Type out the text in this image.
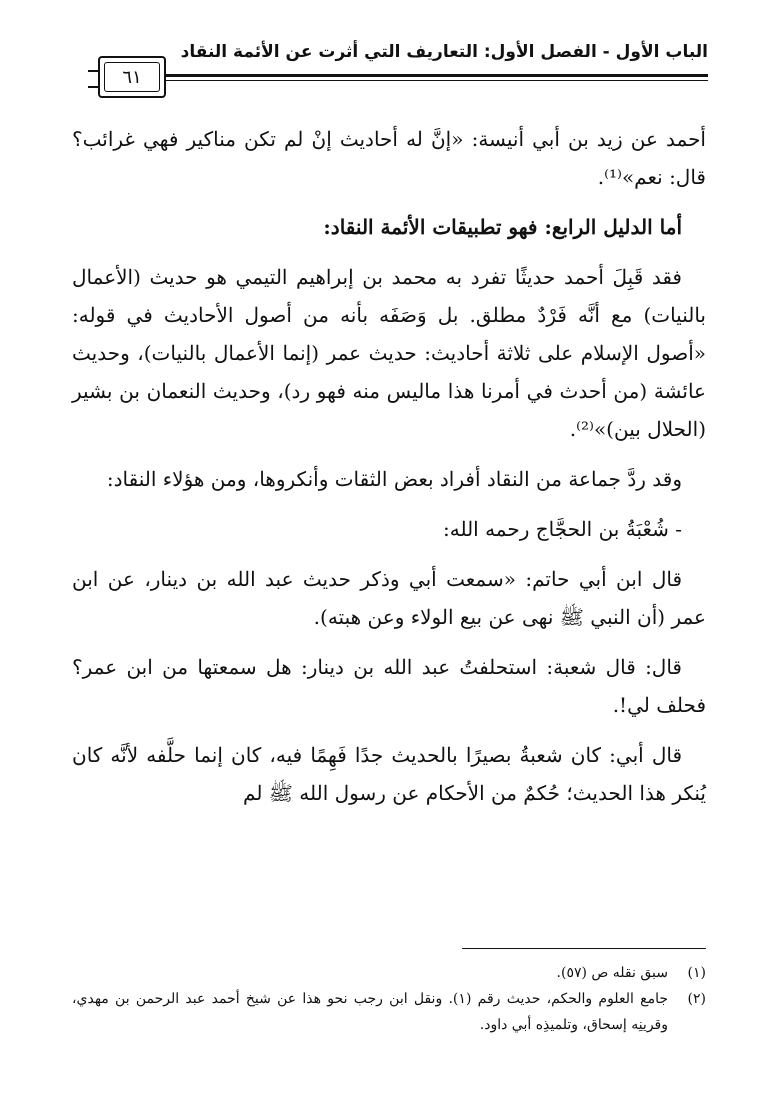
الباب الأول - الفصل الأول: التعاريف التي أثرت عن الأئمة النقاد
٦١

أحمد عن زيد بن أبي أنيسة: «إنَّ له أحاديث إنْ لم تكن مناكير فهي غرائب؟ قال: نعم»⁽¹⁾.

أما الدليل الرابع: فهو تطبيقات الأئمة النقاد:

فقد قَبِلَ أحمد حديثًا تفرد به محمد بن إبراهيم التيمي هو حديث (الأعمال بالنيات) مع أنَّه فَرْدٌ مطلق. بل وَصَفَه بأنه من أصول الأحاديث في قوله: «أصول الإسلام على ثلاثة أحاديث: حديث عمر (إنما الأعمال بالنيات)، وحديث عائشة (من أحدث في أمرنا هذا ماليس منه فهو رد)، وحديث النعمان بن بشير (الحلال بين)»⁽²⁾.

وقد ردَّ جماعة من النقاد أفراد بعض الثقات وأنكروها، ومن هؤلاء النقاد:

- شُعْبَةُ بن الحجَّاج رحمه الله:

قال ابن أبي حاتم: «سمعت أبي وذكر حديث عبد الله بن دينار، عن ابن عمر (أن النبي ﷺ نهى عن بيع الولاء وعن هبته).

قال: قال شعبة: استحلفتُ عبد الله بن دينار: هل سمعتها من ابن عمر؟ فحلف لي!.

قال أبي: كان شعبةُ بصيرًا بالحديث جدًا فَهِمًا فيه، كان إنما حلَّفه لأنَّه كان يُنكر هذا الحديث؛ حُكمٌ من الأحكام عن رسول الله ﷺ لم

(١)
سبق نقله ص (٥٧).
(٢)
جامع العلوم والحكم، حديث رقم (١). ونقل ابن رجب نحو هذا عن شيخ أحمد عبد الرحمن بن مهدي، وقرينِه إسحاق، وتلميذِه أبي داود.
